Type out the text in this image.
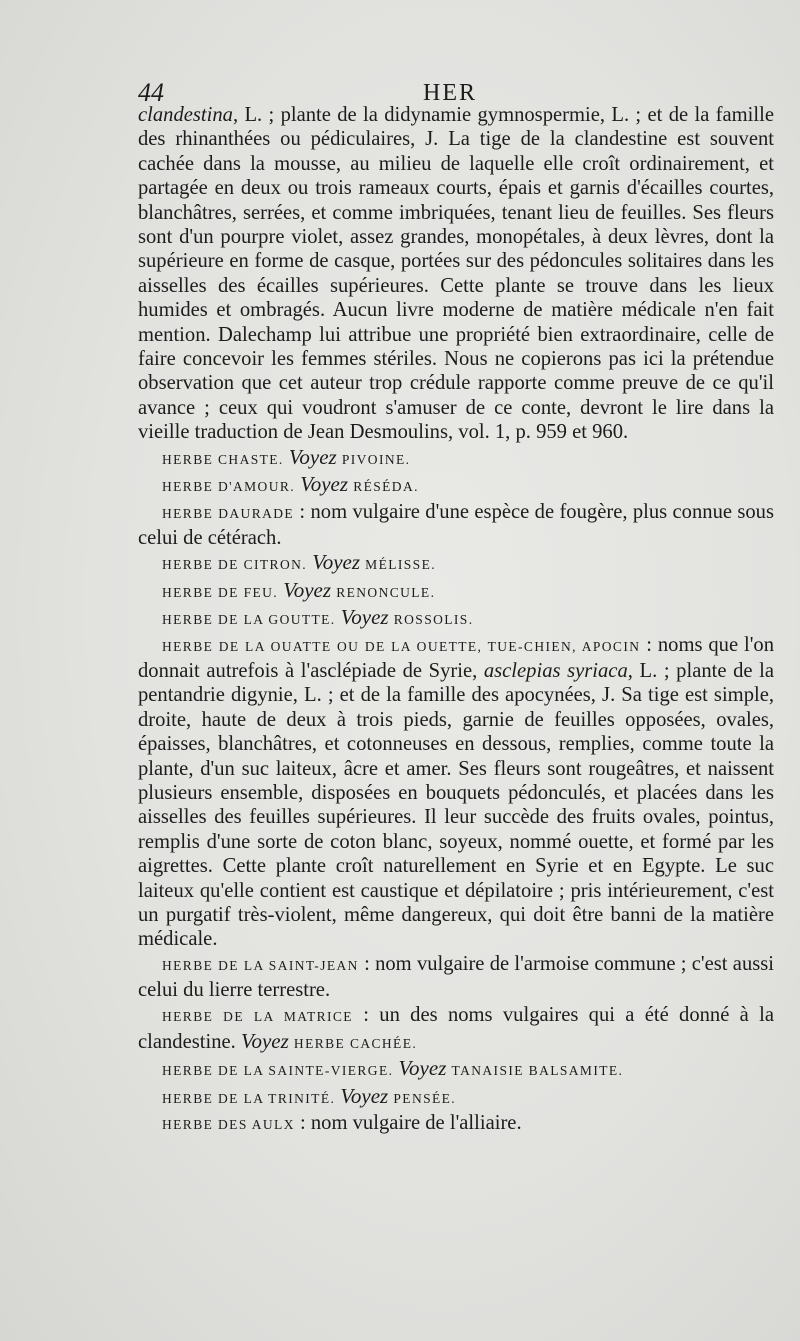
44	HER

clandestina, L. ; plante de la didynamie gymnospermie, L. ; et de la famille des rhinanthées ou pédiculaires, J. La tige de la clandestine est souvent cachée dans la mousse, au milieu de laquelle elle croît ordinairement, et partagée en deux ou trois rameaux courts, épais et garnis d'écailles courtes, blanchâtres, serrées, et comme imbriquées, tenant lieu de feuilles. Ses fleurs sont d'un pourpre violet, assez grandes, monopétales, à deux lèvres, dont la supérieure en forme de casque, portées sur des pédoncules solitaires dans les aisselles des écailles supérieures. Cette plante se trouve dans les lieux humides et ombragés. Aucun livre moderne de matière médicale n'en fait mention. Dalechamp lui attribue une propriété bien extraordinaire, celle de faire concevoir les femmes stériles. Nous ne copierons pas ici la prétendue observation que cet auteur trop crédule rapporte comme preuve de ce qu'il avance ; ceux qui voudront s'amuser de ce conte, devront le lire dans la vieille traduction de Jean Desmoulins, vol. 1, p. 959 et 960.

HERBE CHASTE. Voyez PIVOINE.

HERBE D'AMOUR. Voyez RÉSÉDA.

HERBE DAURADE : nom vulgaire d'une espèce de fougère, plus connue sous celui de cétérach.

HERBE DE CITRON. Voyez MÉLISSE.

HERBE DE FEU. Voyez RENONCULE.

HERBE DE LA GOUTTE. Voyez ROSSOLIS.

HERBE DE LA OUATTE OU DE LA OUETTE, TUE-CHIEN, APOCIN : noms que l'on donnait autrefois à l'asclépiade de Syrie, asclepias syriaca, L. ; plante de la pentandrie digynie, L. ; et de la famille des apocynées, J. Sa tige est simple, droite, haute de deux à trois pieds, garnie de feuilles opposées, ovales, épaisses, blanchâtres, et cotonneuses en dessous, remplies, comme toute la plante, d'un suc laiteux, âcre et amer. Ses fleurs sont rougeâtres, et naissent plusieurs ensemble, disposées en bouquets pédonculés, et placées dans les aisselles des feuilles supérieures. Il leur succède des fruits ovales, pointus, remplis d'une sorte de coton blanc, soyeux, nommé ouette, et formé par les aigrettes. Cette plante croît naturellement en Syrie et en Egypte. Le suc laiteux qu'elle contient est caustique et dépilatoire ; pris intérieurement, c'est un purgatif très-violent, même dangereux, qui doit être banni de la matière médicale.

HERBE DE LA SAINT-JEAN : nom vulgaire de l'armoise commune ; c'est aussi celui du lierre terrestre.

HERBE DE LA MATRICE : un des noms vulgaires qui a été donné à la clandestine. Voyez HERBE CACHÉE.

HERBE DE LA SAINTE-VIERGE. Voyez TANAISIE BALSAMITE.

HERBE DE LA TRINITÉ. Voyez PENSÉE.

HERBE DES AULX : nom vulgaire de l'alliaire.
